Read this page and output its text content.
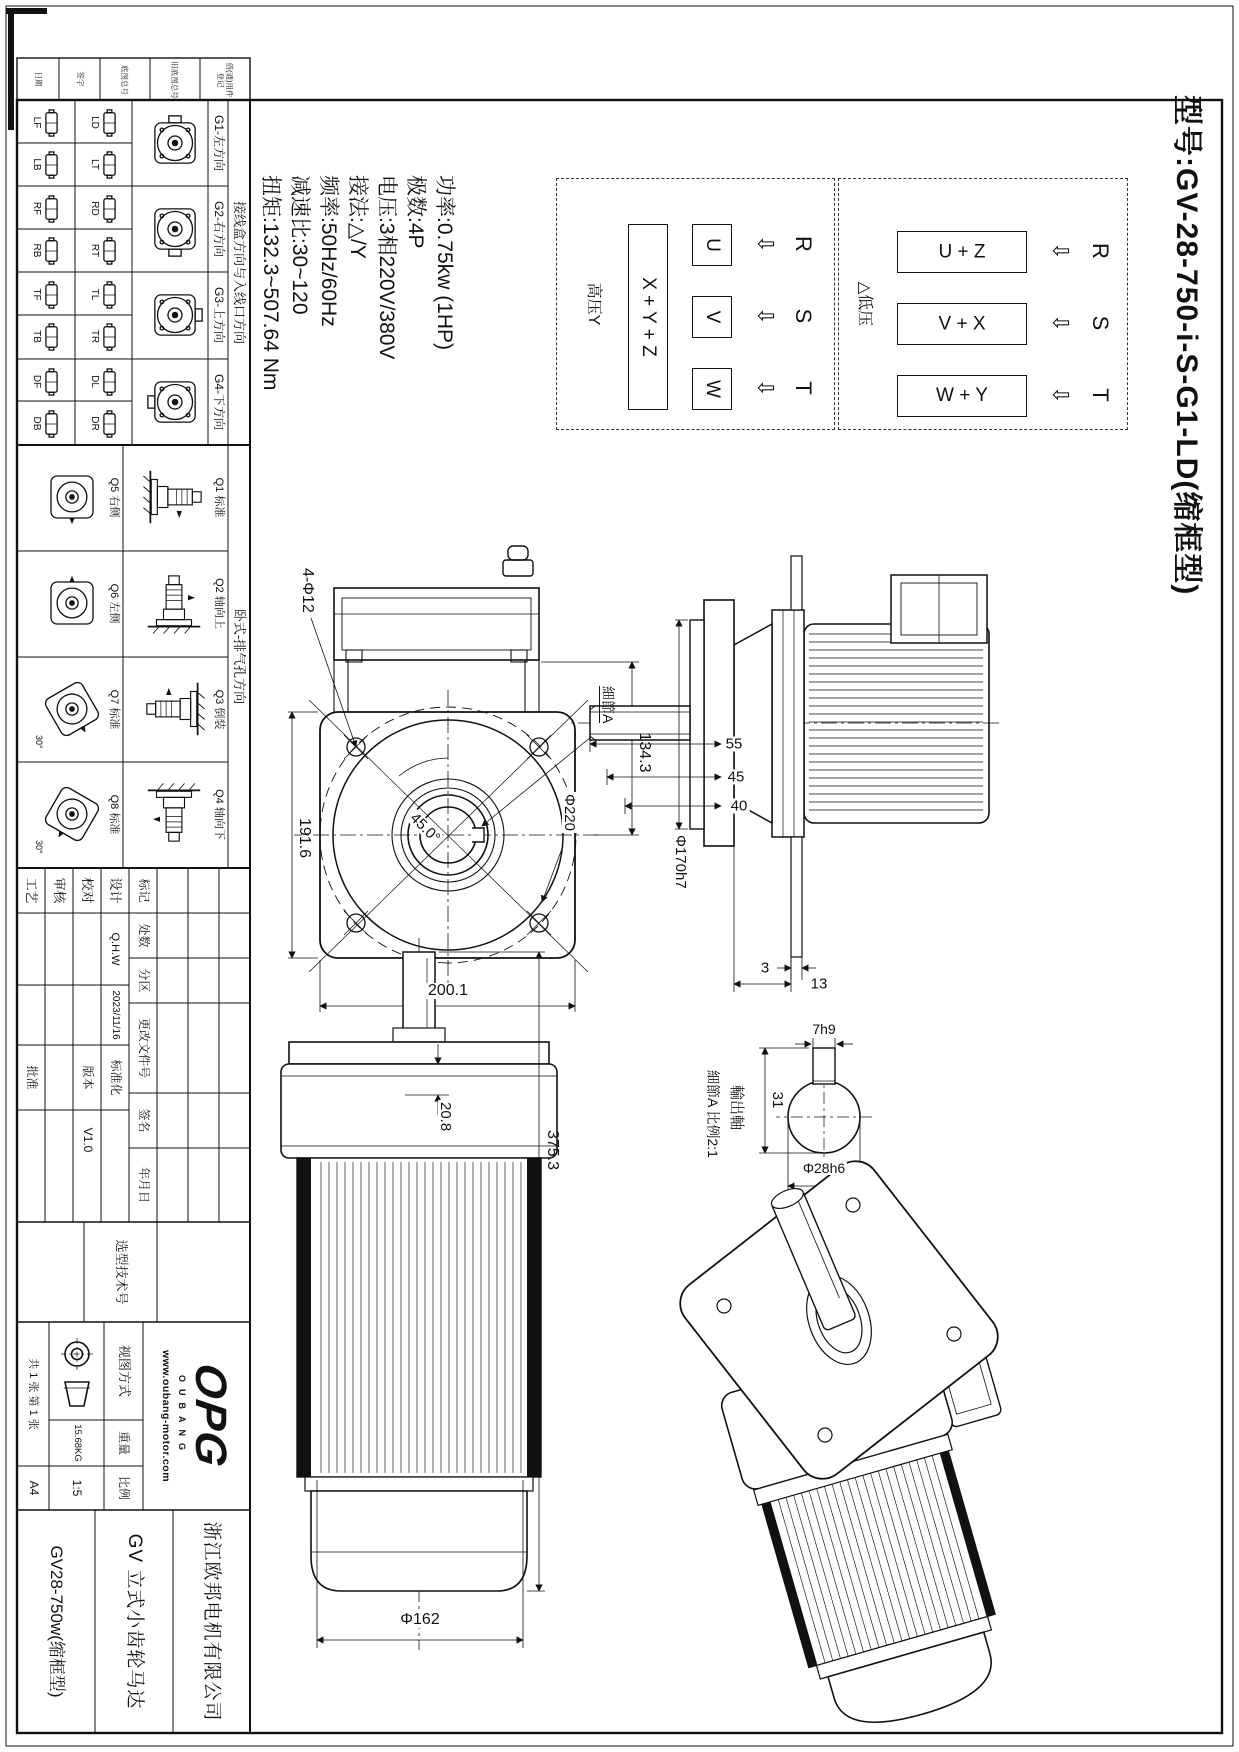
型号:GV-28-750-i-S-G1-LD(缩框型)
功率:0.75kw (1HP)
极数:4P
电压:3相220V/380V
接法:△/Y
频率:50Hz/60Hz
减速比:30~120
扭矩:132.3~507.64 Nm	R
S
T
⇩
⇩
⇩
U + Z
V + X
W + Y
△低压
R
S
T
⇩
⇩
⇩
U
V
W
X + Y + Z
高压Y
接线盒方向与入线口方向
G1-左方向
LD
LT
LF
LB
G2-右方向
RD
RT
RF
RB
G3-上方向
TL
TR
TF
TB
G4-下方向
DL
DR
DF
DB
卧式-排气孔方向
Q1 标准
Q5 右侧
Q2 轴向上
Q6 左侧
Q3 倒装
Q7 标准
30°
Q4 轴向下
Q8 标准
30°
借(通)用件登记
旧底图总号
底图总号
签字
日期
标记
处数
分区
更改文件号
签名
年月日
设计
Q.H.W
2023/11/16
标准化
校对
版本
V1.0
审核
工艺
批准
选型技术号
视图方式
重量
比例
15.68KG
1:5
共 1 张 第 1 张
A4
OPG
OUBANG
www.oubang-motor.com
浙江欧邦电机有限公司
GV 立式小齿轮马达
GV28-750w(缩框型)
4-Φ12
191.6
200.1
Φ220
45.0°
134.3
細節A
55
45
40
Φ170h7
3
13
20.8
375.3
Φ162
7h9
31
Φ28h6
輸出軸
細節A 比例2:1
